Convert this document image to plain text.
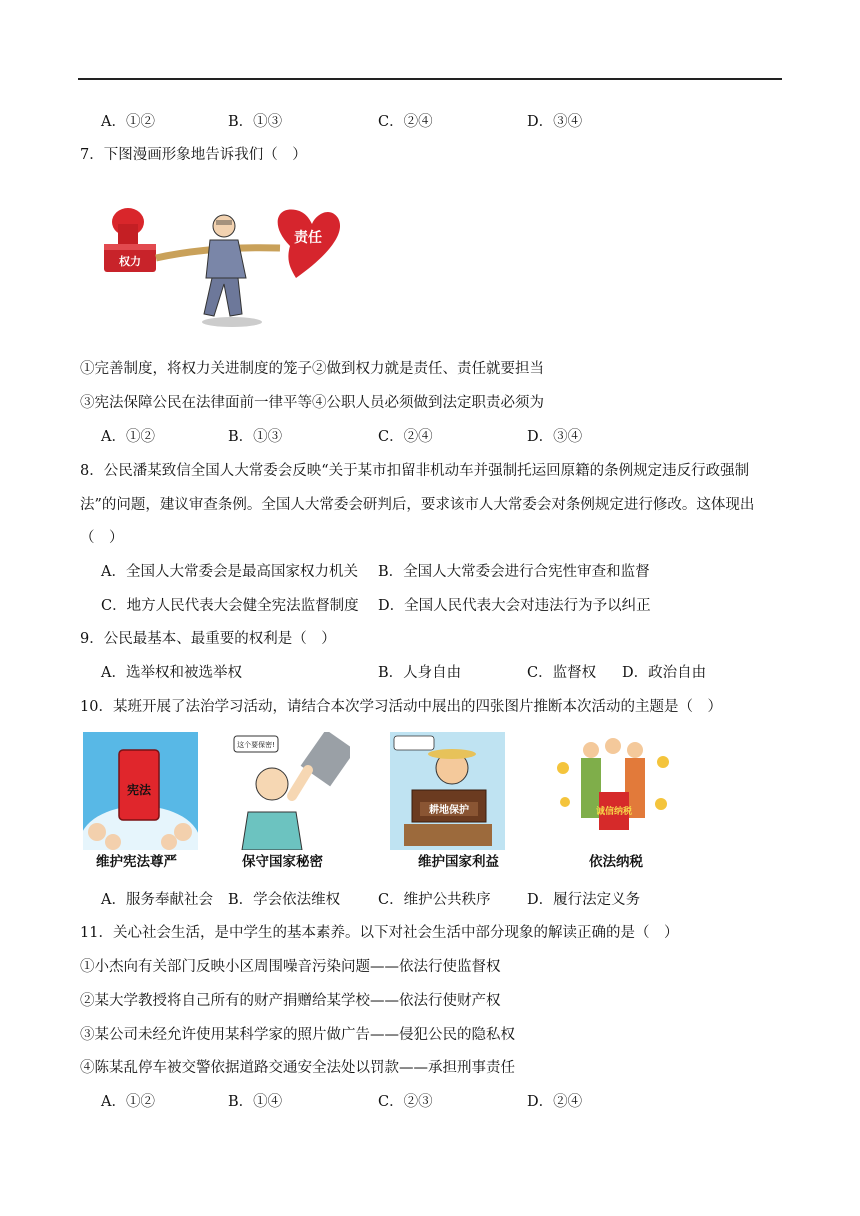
A．①②	B．①③	C．②④	D．③④
7．下图漫画形象地告诉我们（　）
权力
责任
①完善制度，将权力关进制度的笼子②做到权力就是责任、责任就要担当
③宪法保障公民在法律面前一律平等④公职人员必须做到法定职责必须为
A．①②	B．①③	C．②④	D．③④
8．公民潘某致信全国人大常委会反映“关于某市扣留非机动车并强制托运回原籍的条例规定违反行政强制
法”的问题，建议审查条例。全国人大常委会研判后，要求该市人大常委会对条例规定进行修改。这体现出
（　）
A．全国人大常委会是最高国家权力机关 B．全国人大常委会进行合宪性审查和监督
C．地方人民代表大会健全宪法监督制度 D．全国人民代表大会对违法行为予以纠正
9．公民最基本、最重要的权利是（　）
A．选举权和被选举权	B．人身自由	C．监督权 D．政治自由
10．某班开展了法治学习活动，请结合本次学习活动中展出的四张图片推断本次活动的主题是（　）
宪法
维护宪法尊严
这个要保密!
保守国家秘密
耕地保护
维护国家利益
诚信纳税
依法纳税
A．服务奉献社会 B．学会依法维权	C．维护公共秩序	D．履行法定义务
11．关心社会生活，是中学生的基本素养。以下对社会生活中部分现象的解读正确的是（　）
①小杰向有关部门反映小区周围噪音污染问题——依法行使监督权
②某大学教授将自己所有的财产捐赠给某学校——依法行使财产权
③某公司未经允许使用某科学家的照片做广告——侵犯公民的隐私权
④陈某乱停车被交警依据道路交通安全法处以罚款——承担刑事责任
A．①②	B．①④	C．②③	D．②④
